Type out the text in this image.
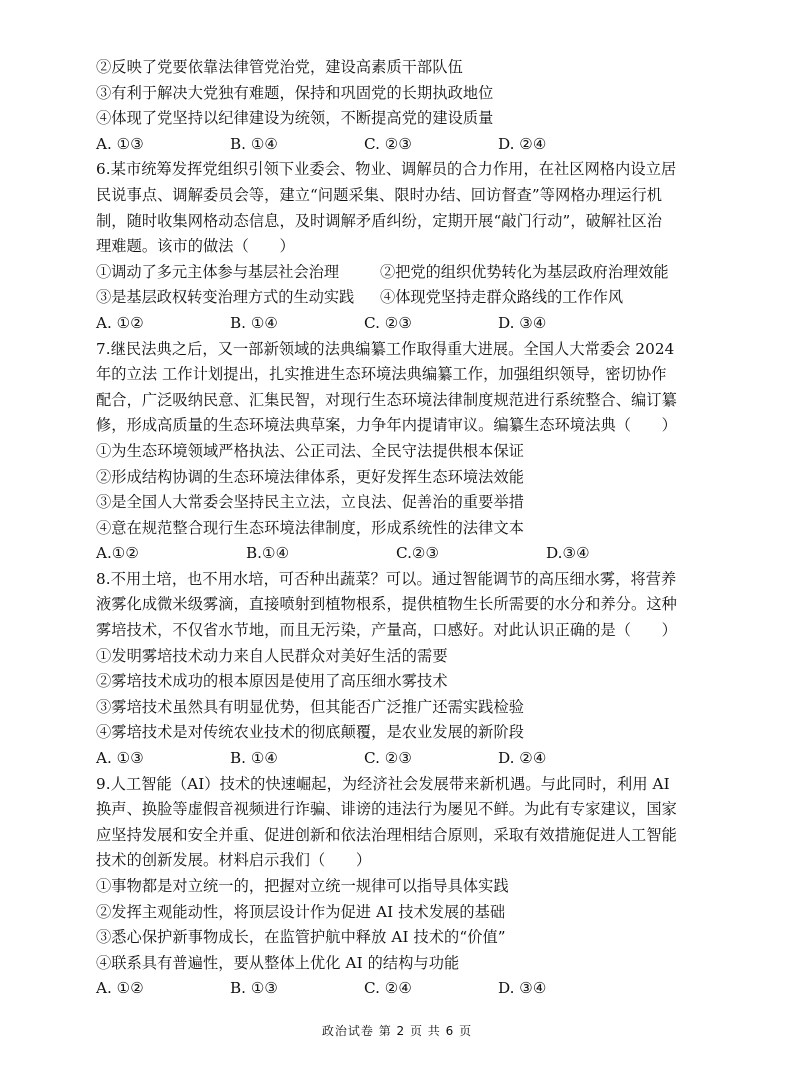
②反映了党要依靠法律管党治党，建设高素质干部队伍
③有利于解决大党独有难题，保持和巩固党的长期执政地位
④体现了党坚持以纪律建设为统领，不断提高党的建设质量
A. ①③	B. ①④	C. ②③	D. ②④
6.某市统筹发挥党组织引领下业委会、物业、调解员的合力作用，在社区网格内设立居
民说事点、调解委员会等，建立“问题采集、限时办结、回访督查”等网格办理运行机
制，随时收集网格动态信息，及时调解矛盾纠纷，定期开展“敲门行动”，破解社区治
理难题。该市的做法（　　）
①调动了多元主体参与基层社会治理	②把党的组织优势转化为基层政府治理效能
③是基层政权转变治理方式的生动实践	④体现党坚持走群众路线的工作作风
A. ①②	B. ①④	C. ②③	D. ③④
7.继民法典之后，又一部新领域的法典编纂工作取得重大进展。全国人大常委会 2024
年的立法 工作计划提出，扎实推进生态环境法典编纂工作，加强组织领导，密切协作
配合，广泛吸纳民意、汇集民智，对现行生态环境法律制度规范进行系统整合、编订纂
修，形成高质量的生态环境法典草案，力争年内提请审议。编纂生态环境法典（　　）
①为生态环境领域严格执法、公正司法、全民守法提供根本保证
②形成结构协调的生态环境法律体系，更好发挥生态环境法效能
③是全国人大常委会坚持民主立法，立良法、促善治的重要举措
④意在规范整合现行生态环境法律制度，形成系统性的法律文本
A.①②	B.①④	C.②③	D.③④
8.不用土培，也不用水培，可否种出蔬菜？可以。通过智能调节的高压细水雾，将营养
液雾化成微米级雾滴，直接喷射到植物根系，提供植物生长所需要的水分和养分。这种
雾培技术，不仅省水节地，而且无污染，产量高，口感好。对此认识正确的是（　　）
①发明雾培技术动力来自人民群众对美好生活的需要
②雾培技术成功的根本原因是使用了高压细水雾技术
③雾培技术虽然具有明显优势，但其能否广泛推广还需实践检验
④雾培技术是对传统农业技术的彻底颠覆，是农业发展的新阶段
A. ①③	B. ①④	C. ②③	D. ②④
9.人工智能（AI）技术的快速崛起，为经济社会发展带来新机遇。与此同时，利用 AI
换声、换脸等虚假音视频进行诈骗、诽谤的违法行为屡见不鲜。为此有专家建议，国家
应坚持发展和安全并重、促进创新和依法治理相结合原则，采取有效措施促进人工智能
技术的创新发展。材料启示我们（　　）
①事物都是对立统一的，把握对立统一规律可以指导具体实践
②发挥主观能动性，将顶层设计作为促进 AI 技术发展的基础
③悉心保护新事物成长，在监管护航中释放 AI 技术的“价值”
④联系具有普遍性，要从整体上优化 AI 的结构与功能
A. ①②	B. ①③	C. ②④	D. ③④
政治试卷 第 2 页 共 6 页
